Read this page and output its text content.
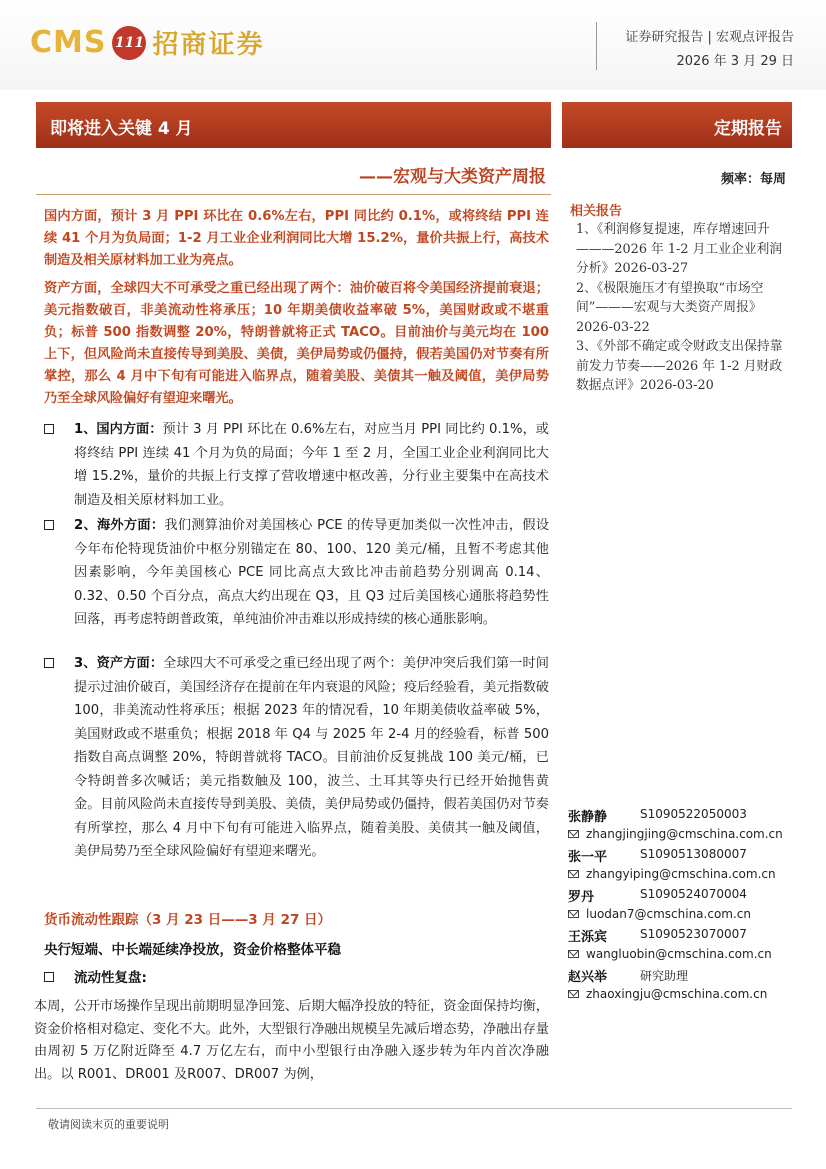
CMS 111 招商证券	证券研究报告 | 宏观点评报告
2026 年 3 月 29 日
即将进入关键 4 月	定期报告
——宏观与大类资产周报	频率：每周
国内方面，预计 3 月 PPI 环比在 0.6%左右，PPI 同比约 0.1%，或将终结 PPI 连续 41 个月为负局面；1-2 月工业企业利润同比大增 15.2%，量价共振上行，高技术制造及相关原材料加工业为亮点。
资产方面，全球四大不可承受之重已经出现了两个：油价破百将令美国经济提前衰退；美元指数破百，非美流动性将承压；10 年期美债收益率破 5%，美国财政或不堪重负；标普 500 指数调整 20%，特朗普就将正式 TACO。目前油价与美元均在 100 上下，但风险尚未直接传导到美股、美债，美伊局势或仍僵持，假若美国仍对节奏有所掌控，那么 4 月中下旬有可能进入临界点，随着美股、美债其一触及阈值，美伊局势乃至全球风险偏好有望迎来曙光。
1、国内方面：预计 3 月 PPI 环比在 0.6%左右，对应当月 PPI 同比约 0.1%，或将终结 PPI 连续 41 个月为负的局面；今年 1 至 2 月，全国工业企业利润同比大增 15.2%，量价的共振上行支撑了营收增速中枢改善，分行业主要集中在高技术制造及相关原材料加工业。
2、海外方面：我们测算油价对美国核心 PCE 的传导更加类似一次性冲击，假设今年布伦特现货油价中枢分别锚定在 80、100、120 美元/桶，且暂不考虑其他因素影响，今年美国核心 PCE 同比高点大致比冲击前趋势分别调高 0.14、0.32、0.50 个百分点，高点大约出现在 Q3，且 Q3 过后美国核心通胀将趋势性回落，再考虑特朗普政策，单纯油价冲击难以形成持续的核心通胀影响。
3、资产方面：全球四大不可承受之重已经出现了两个：美伊冲突后我们第一时间提示过油价破百，美国经济存在提前在年内衰退的风险；疫后经验看，美元指数破 100，非美流动性将承压；根据 2023 年的情况看，10 年期美债收益率破 5%，美国财政或不堪重负；根据 2018 年 Q4 与 2025 年 2-4 月的经验看，标普 500 指数自高点调整 20%，特朗普就将 TACO。目前油价反复挑战 100 美元/桶，已令特朗普多次喊话；美元指数触及 100，波兰、土耳其等央行已经开始抛售黄金。目前风险尚未直接传导到美股、美债，美伊局势或仍僵持，假若美国仍对节奏有所掌控，那么 4 月中下旬有可能进入临界点，随着美股、美债其一触及阈值，美伊局势乃至全球风险偏好有望迎来曙光。
货币流动性跟踪（3 月 23 日——3 月 27 日）
央行短端、中长端延续净投放，资金价格整体平稳
流动性复盘:
本周，公开市场操作呈现出前期明显净回笼、后期大幅净投放的特征，资金面保持均衡，资金价格相对稳定、变化不大。此外，大型银行净融出规模呈先减后增态势，净融出存量由周初 5 万亿附近降至 4.7 万亿左右，而中小型银行由净融入逐步转为年内首次净融出。以 R001、DR001 及R007、DR007 为例，
相关报告
1、《利润修复提速，库存增速回升———2026 年 1-2 月工业企业利润分析》2026-03-27
2、《极限施压才有望换取“市场空间”———宏观与大类资产周报》2026-03-22
3、《外部不确定或令财政支出保持靠前发力节奏——2026 年 1-2 月财政数据点评》2026-03-20
张静静	S1090522050003
zhangjingjing@cmschina.com.cn
张一平	S1090513080007
zhangyiping@cmschina.com.cn
罗丹	S1090524070004
luodan7@cmschina.com.cn
王泺宾	S1090523070007
wangluobin@cmschina.com.cn
赵兴举	研究助理
zhaoxingju@cmschina.com.cn
敬请阅读末页的重要说明
